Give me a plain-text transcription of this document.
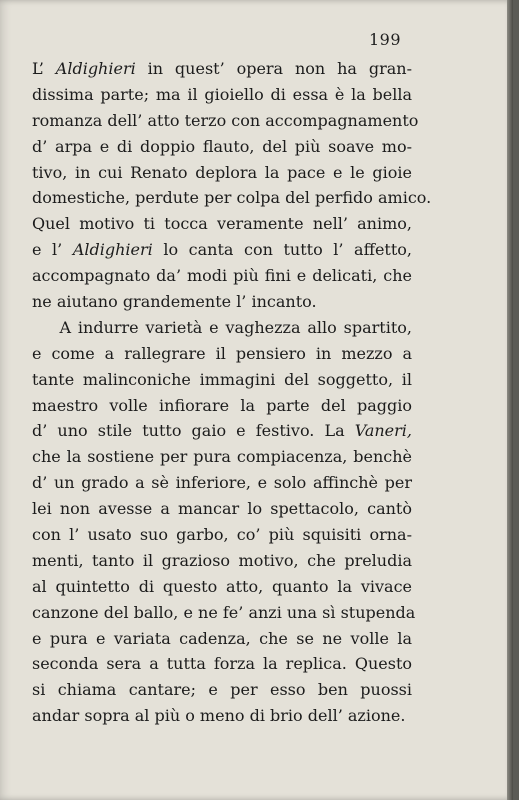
199
L’ Aldighieri in quest’ opera non ha gran-
dissima parte; ma il gioiello di essa è la bella
romanza dell’ atto terzo con accompagnamento
d’ arpa e di doppio flauto, del più soave mo-
tivo, in cui Renato deplora la pace e le gioie
domestiche, perdute per colpa del perfido amico.
Quel motivo ti tocca veramente nell’ animo,
e l’ Aldighieri lo canta con tutto l’ affetto,
accompagnato da’ modi più fini e delicati, che
ne aiutano grandemente l’ incanto.
A indurre varietà e vaghezza allo spartito,
e come a rallegrare il pensiero in mezzo a
tante malinconiche immagini del soggetto, il
maestro volle infiorare la parte del paggio
d’ uno stile tutto gaio e festivo. La Vaneri,
che la sostiene per pura compiacenza, benchè
d’ un grado a sè inferiore, e solo affinchè per
lei non avesse a mancar lo spettacolo, cantò
con l’ usato suo garbo, co’ più squisiti orna-
menti, tanto il grazioso motivo, che preludia
al quintetto di questo atto, quanto la vivace
canzone del ballo, e ne fe’ anzi una sì stupenda
e pura e variata cadenza, che se ne volle la
seconda sera a tutta forza la replica. Questo
si chiama cantare; e per esso ben puossi
andar sopra al più o meno di brio dell’ azione.
